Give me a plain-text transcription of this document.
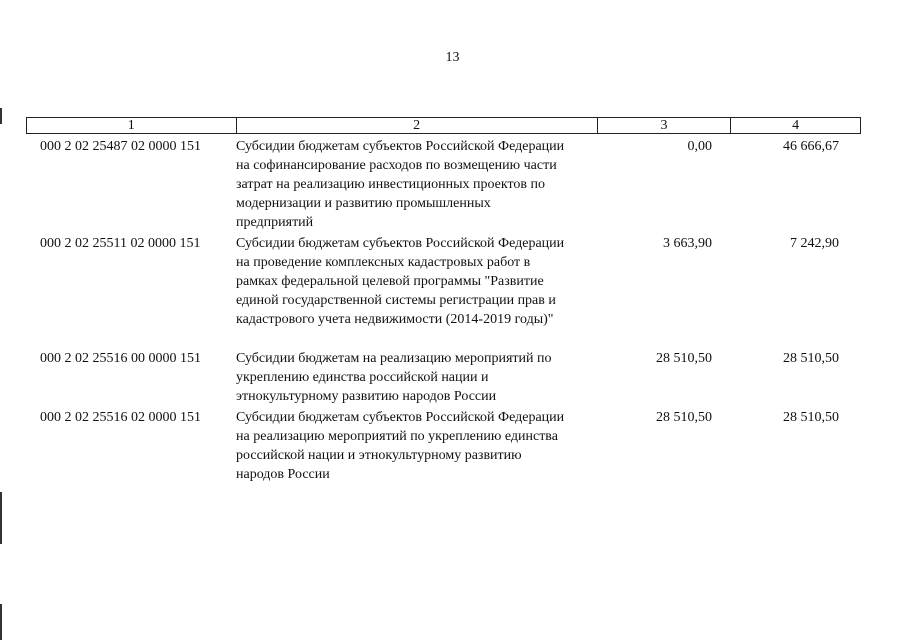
13
1	2	3	4
000 2 02 25487 02 0000 151	Субсидии бюджетам субъектов Российской Федерации
на софинансирование расходов по возмещению части
затрат на реализацию инвестиционных проектов по
модернизации и развитию промышленных
предприятий
0,00	46 666,67
000 2 02 25511 02 0000 151	Субсидии бюджетам субъектов Российской Федерации
на проведение комплексных кадастровых работ в
рамках федеральной целевой программы "Развитие
единой государственной системы регистрации прав и
кадастрового учета недвижимости (2014-2019 годы)"
3 663,90	7 242,90
000 2 02 25516 00 0000 151	Субсидии бюджетам на реализацию мероприятий по
укреплению единства российской нации и
этнокультурному развитию народов России
28 510,50	28 510,50
000 2 02 25516 02 0000 151	Субсидии бюджетам субъектов Российской Федерации
на реализацию мероприятий по укреплению единства
российской нации и этнокультурному развитию
народов России
28 510,50	28 510,50
